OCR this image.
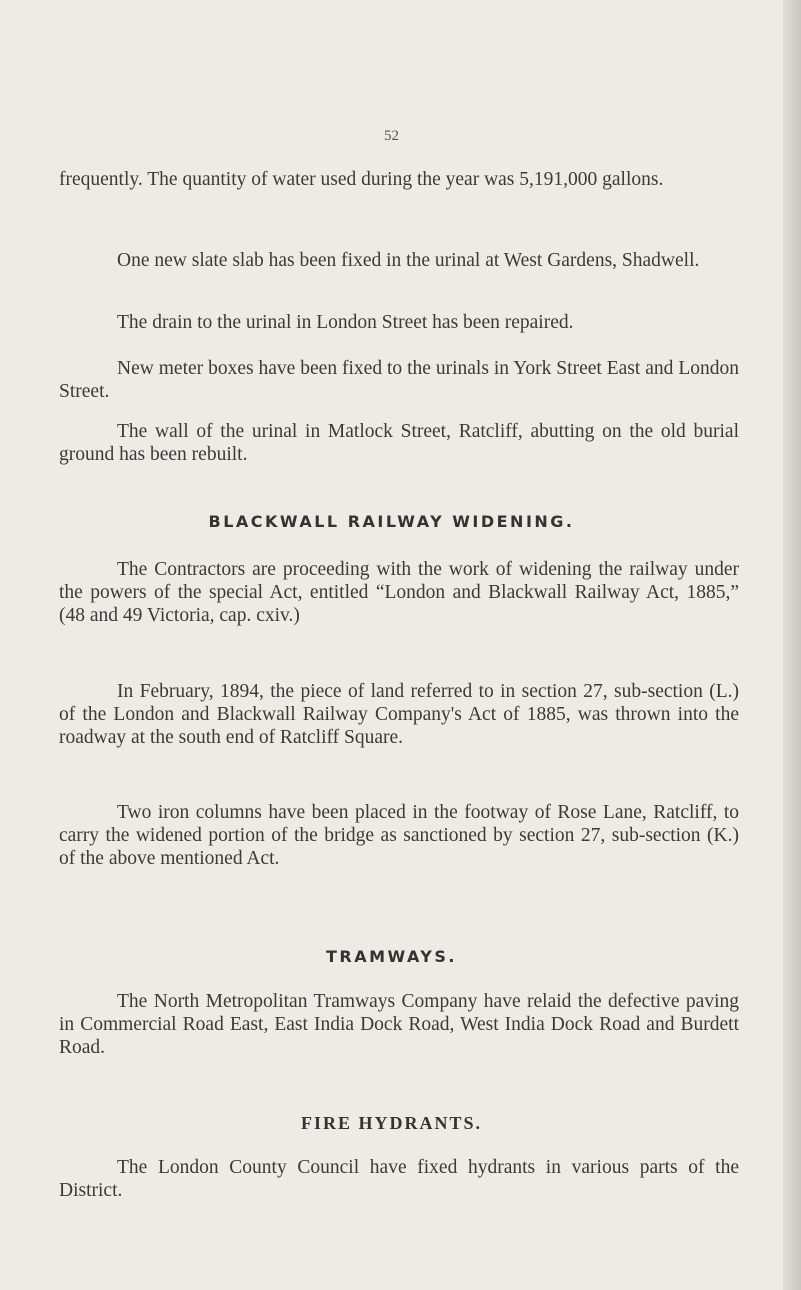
52

frequently. The quantity of water used during the year was 5,191,000 gallons.

One new slate slab has been fixed in the urinal at West Gardens, Shadwell.

The drain to the urinal in London Street has been repaired.

New meter boxes have been fixed to the urinals in York Street East and London Street.

The wall of the urinal in Matlock Street, Ratcliff, abutting on the old burial ground has been rebuilt.

BLACKWALL RAILWAY WIDENING.

The Contractors are proceeding with the work of widening the railway under the powers of the special Act, entitled “London and Blackwall Railway Act, 1885,” (48 and 49 Victoria, cap. cxiv.)

In February, 1894, the piece of land referred to in section 27, sub-section (L.) of the London and Blackwall Railway Company's Act of 1885, was thrown into the roadway at the south end of Ratcliff Square.

Two iron columns have been placed in the footway of Rose Lane, Ratcliff, to carry the widened portion of the bridge as sanctioned by section 27, sub-section (K.) of the above mentioned Act.

TRAMWAYS.

The North Metropolitan Tramways Company have relaid the defective paving in Commercial Road East, East India Dock Road, West India Dock Road and Burdett Road.

FIRE HYDRANTS.

The London County Council have fixed hydrants in various parts of the District.
